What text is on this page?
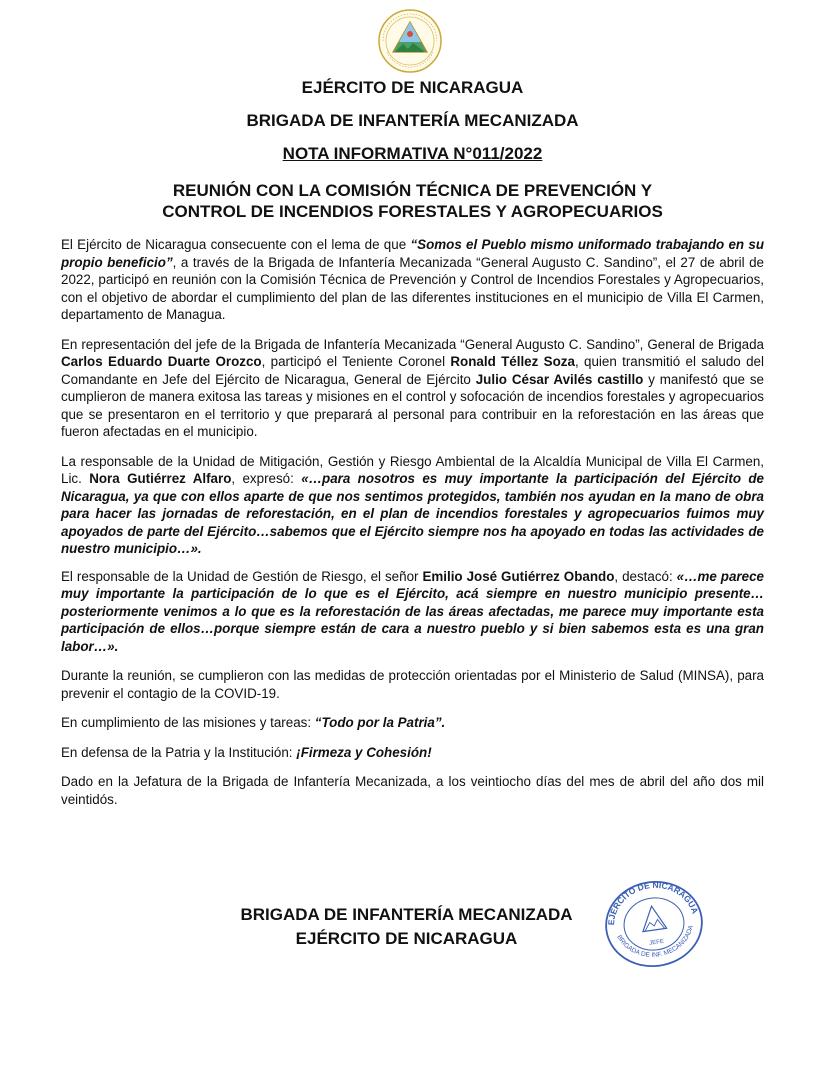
EJÉRCITO DE NICARAGUA
BRIGADA DE INFANTERÍA MECANIZADA
NOTA INFORMATIVA N°011/2022
REUNIÓN CON LA COMISIÓN TÉCNICA DE PREVENCIÓN Y
CONTROL DE INCENDIOS FORESTALES Y AGROPECUARIOS

El Ejército de Nicaragua consecuente con el lema de que “Somos el Pueblo mismo uniformado trabajando en su propio beneficio”, a través de la Brigada de Infantería Mecanizada “General Augusto C. Sandino”, el 27 de abril de 2022, participó en reunión con la Comisión Técnica de Prevención y Control de Incendios Forestales y Agropecuarios, con el objetivo de abordar el cumplimiento del plan de las diferentes instituciones en el municipio de Villa El Carmen, departamento de Managua.

En representación del jefe de la Brigada de Infantería Mecanizada “General Augusto C. Sandino”, General de Brigada Carlos Eduardo Duarte Orozco, participó el Teniente Coronel Ronald Téllez Soza, quien transmitió el saludo del Comandante en Jefe del Ejército de Nicaragua, General de Ejército Julio César Avilés castillo y manifestó que se cumplieron de manera exitosa las tareas y misiones en el control y sofocación de incendios forestales y agropecuarios que se presentaron en el territorio y que preparará al personal para contribuir en la reforestación en las áreas que fueron afectadas en el municipio.

La responsable de la Unidad de Mitigación, Gestión y Riesgo Ambiental de la Alcaldía Municipal de Villa El Carmen, Lic. Nora Gutiérrez Alfaro, expresó: «…para nosotros es muy importante la participación del Ejército de Nicaragua, ya que con ellos aparte de que nos sentimos protegidos, también nos ayudan en la mano de obra para hacer las jornadas de reforestación, en el plan de incendios forestales y agropecuarios fuimos muy apoyados de parte del Ejército…sabemos que el Ejército siempre nos ha apoyado en todas las actividades de nuestro municipio…».

El responsable de la Unidad de Gestión de Riesgo, el señor Emilio José Gutiérrez Obando, destacó: «…me parece muy importante la participación de lo que es el Ejército, acá siempre en nuestro municipio presente…posteriormente venimos a lo que es la reforestación de las áreas afectadas, me parece muy importante esta participación de ellos…porque siempre están de cara a nuestro pueblo y si bien sabemos esta es una gran labor…».

Durante la reunión, se cumplieron con las medidas de protección orientadas por el Ministerio de Salud (MINSA), para prevenir el contagio de la COVID-19.

En cumplimiento de las misiones y tareas: “Todo por la Patria”.

En defensa de la Patria y la Institución: ¡Firmeza y Cohesión!

Dado en la Jefatura de la Brigada de Infantería Mecanizada, a los veintiocho días del mes de abril del año dos mil veintidós.

BRIGADA DE INFANTERÍA MECANIZADA
EJÉRCITO DE NICARAGUA	JEFE
EJÉRCITO DE NICARAGUA
BRIGADA DE INF. MECANIZADA
